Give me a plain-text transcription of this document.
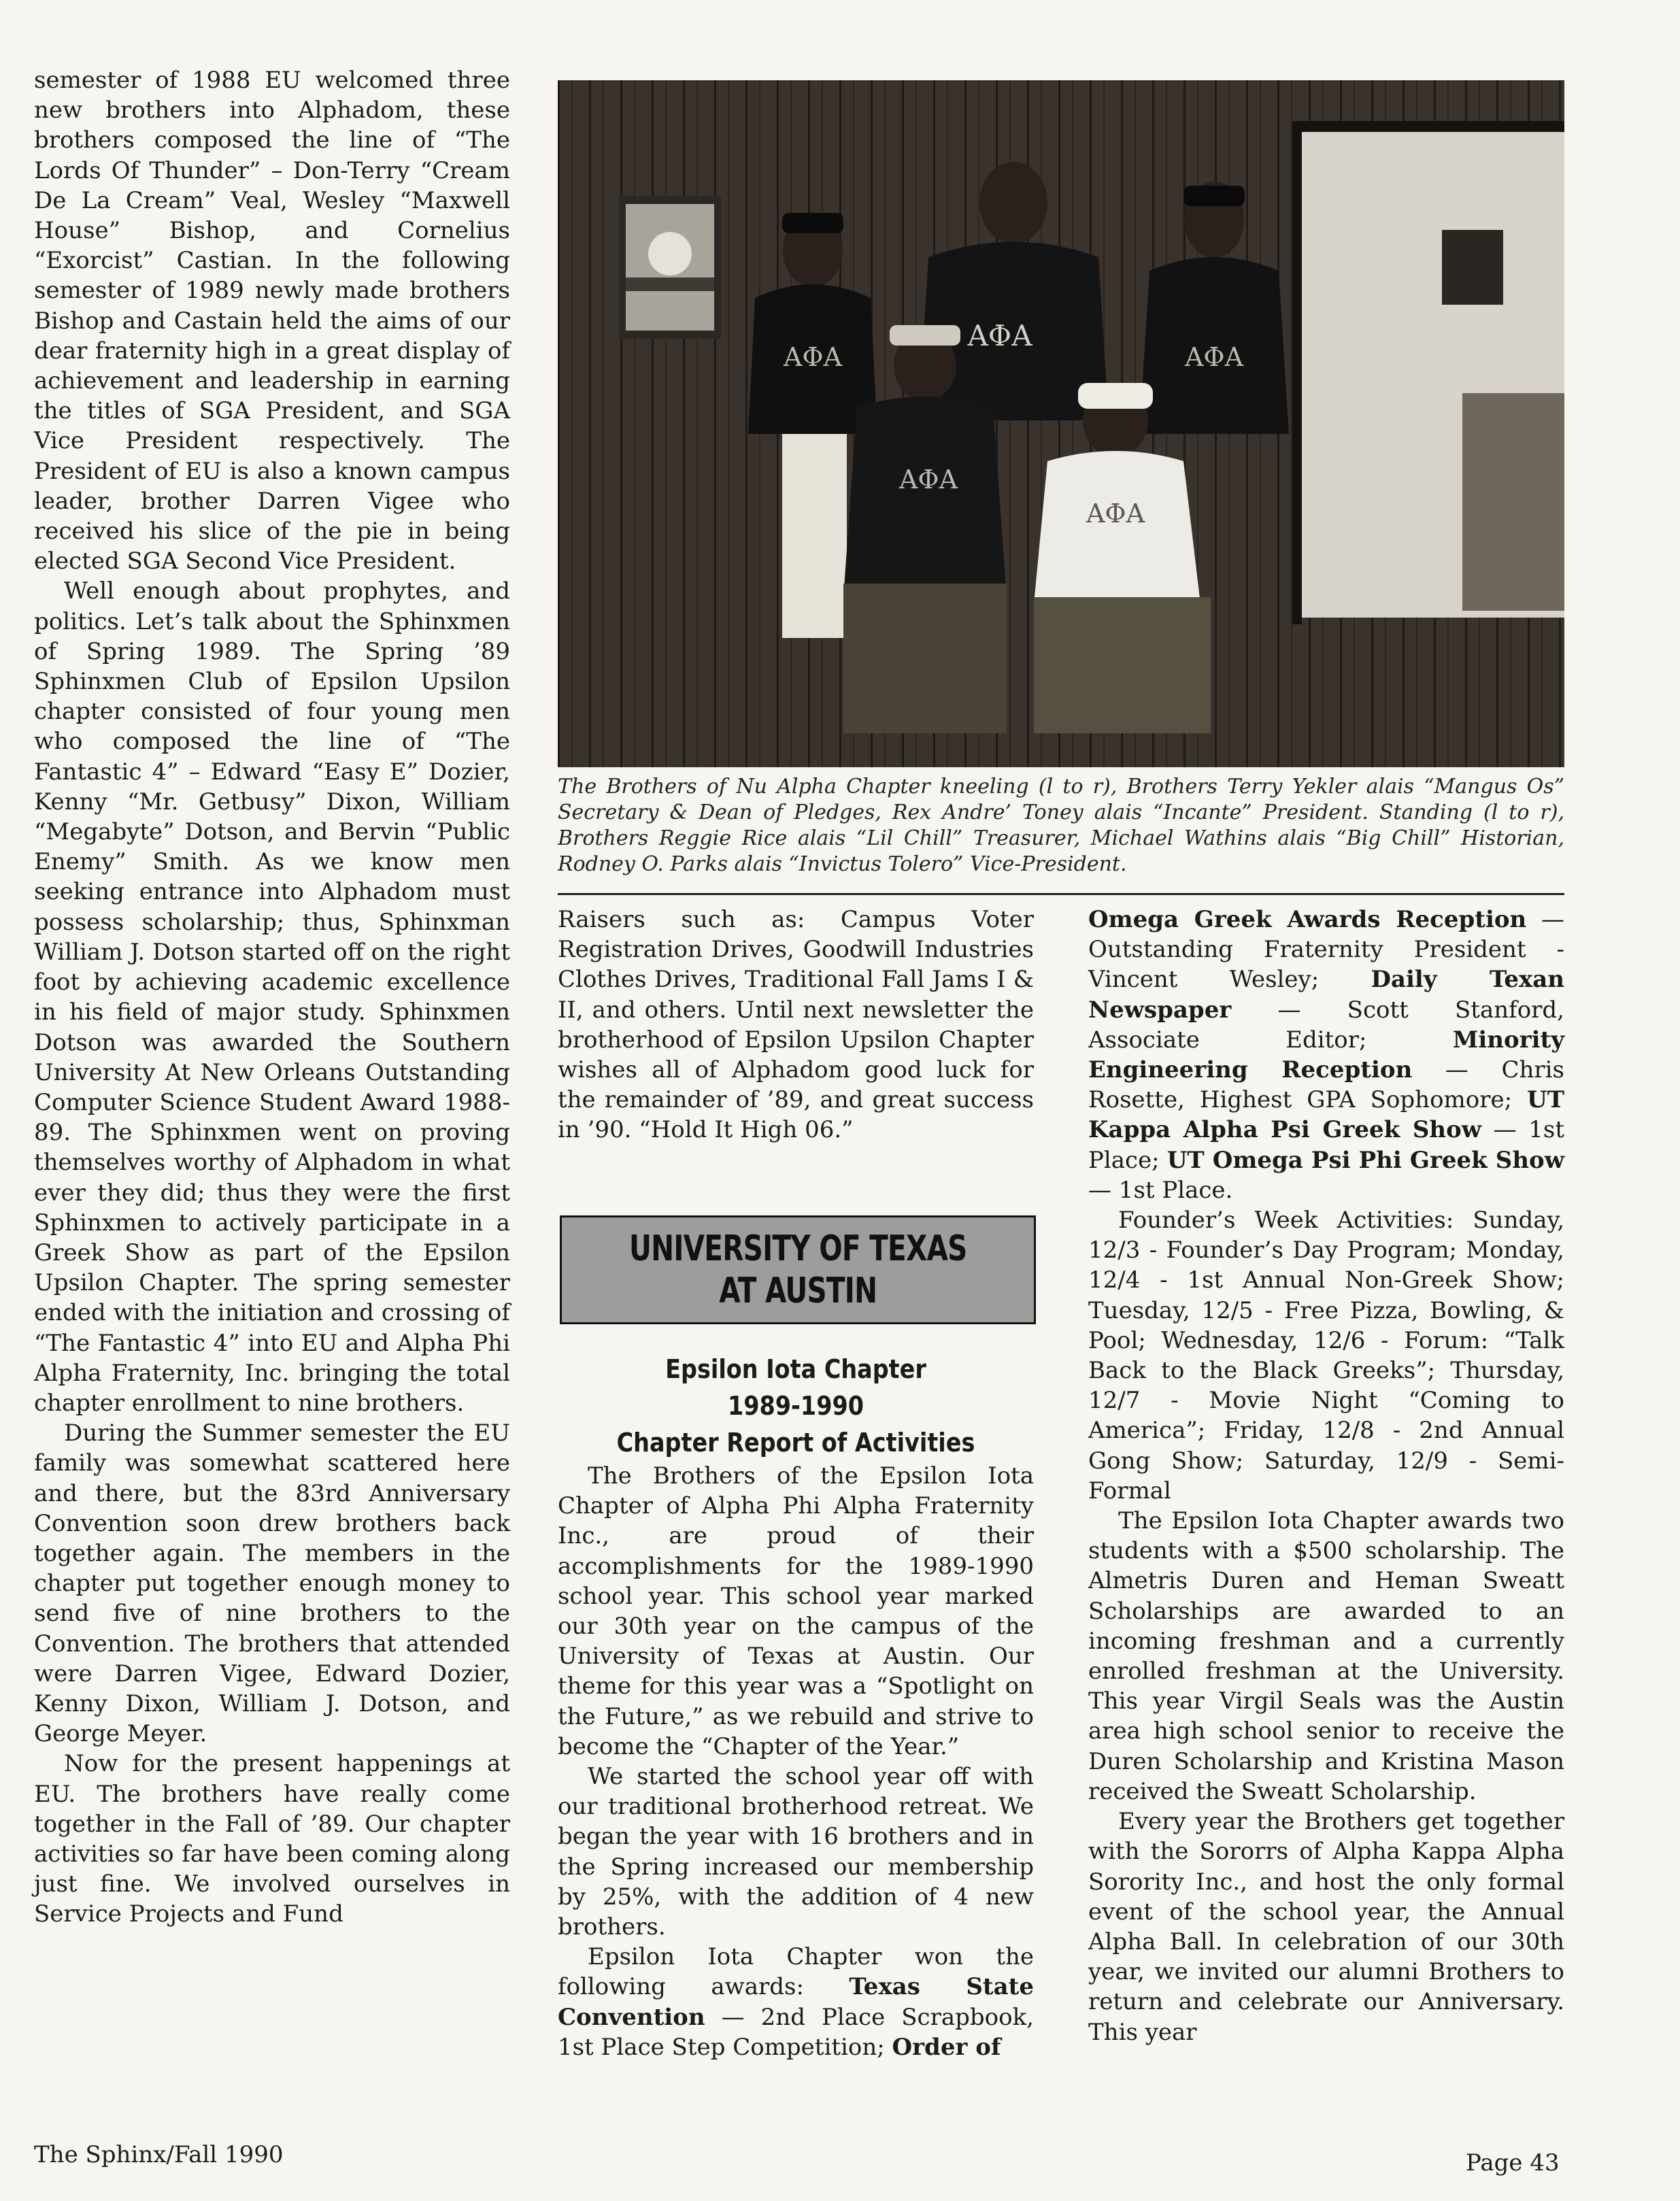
semester of 1988 EU welcomed three new brothers into Alphadom, these brothers composed the line of “The Lords Of Thunder” – Don-Terry “Cream De La Cream” Veal, Wesley “Maxwell House” Bishop, and Cornelius “Exorcist” Castian. In the following semester of 1989 newly made brothers Bishop and Castain held the aims of our dear fraternity high in a great display of achievement and leadership in earning the titles of SGA President, and SGA Vice President respectively. The President of EU is also a known campus leader, brother Darren Vigee who received his slice of the pie in being elected SGA Second Vice President.

Well enough about prophytes, and politics. Let’s talk about the Sphinxmen of Spring 1989. The Spring ’89 Sphinxmen Club of Epsilon Upsilon chapter consisted of four young men who composed the line of “The Fantastic 4” – Edward “Easy E” Dozier, Kenny “Mr. Getbusy” Dixon, William “Megabyte” Dotson, and Bervin “Public Enemy” Smith. As we know men seeking entrance into Alphadom must possess scholarship; thus, Sphinxman William J. Dotson started off on the right foot by achieving academic excellence in his field of major study. Sphinxmen Dotson was awarded the Southern University At New Orleans Outstanding Computer Science Student Award 1988-89. The Sphinxmen went on proving themselves worthy of Alphadom in what ever they did; thus they were the first Sphinxmen to actively participate in a Greek Show as part of the Epsilon Upsilon Chapter. The spring semester ended with the initiation and crossing of “The Fantastic 4” into EU and Alpha Phi Alpha Fraternity, Inc. bringing the total chapter enrollment to nine brothers.

During the Summer semester the EU family was somewhat scattered here and there, but the 83rd Anniversary Convention soon drew brothers back together again. The members in the chapter put together enough money to send five of nine brothers to the Convention. The brothers that attended were Darren Vigee, Edward Dozier, Kenny Dixon, William J. Dotson, and George Meyer.

Now for the present happenings at EU. The brothers have really come together in the Fall of ’89. Our chapter activities so far have been coming along just fine. We involved ourselves in Service Projects and Fund

ΑΦΑ
ΑΦΑ	ΑΦΑ
ΑΦΑ
ΑΦΑ
The Brothers of Nu Alpha Chapter kneeling (l to r), Brothers Terry Yekler alais “Mangus Os” Secretary & Dean of Pledges, Rex Andre’ Toney alais “Incante” President. Standing (l to r), Brothers Reggie Rice alais “Lil Chill” Treasurer, Michael Wathins alais “Big Chill” Historian, Rodney O. Parks alais “Invictus Tolero” Vice-President.

Raisers such as: Campus Voter Registration Drives, Goodwill Industries Clothes Drives, Traditional Fall Jams I & II, and others. Until next newsletter the brotherhood of Epsilon Upsilon Chapter wishes all of Alphadom good luck for the remainder of ’89, and great success in ’90. “Hold It High 06.”

UNIVERSITY OF TEXAS
AT AUSTIN
Epsilon Iota Chapter
1989-1990
Chapter Report of Activities

The Brothers of the Epsilon Iota Chapter of Alpha Phi Alpha Fraternity Inc., are proud of their accomplishments for the 1989-1990 school year. This school year marked our 30th year on the campus of the University of Texas at Austin. Our theme for this year was a “Spotlight on the Future,” as we rebuild and strive to become the “Chapter of the Year.”

We started the school year off with our traditional brotherhood retreat. We began the year with 16 brothers and in the Spring increased our membership by 25%, with the addition of 4 new brothers.

Epsilon Iota Chapter won the following awards: Texas State Convention — 2nd Place Scrapbook, 1st Place Step Competition; Order of

Omega Greek Awards Reception — Outstanding Fraternity President - Vincent Wesley; Daily Texan Newspaper — Scott Stanford, Associate Editor; Minority Engineering Reception — Chris Rosette, Highest GPA Sophomore; UT Kappa Alpha Psi Greek Show — 1st Place; UT Omega Psi Phi Greek Show — 1st Place.

Founder’s Week Activities: Sunday, 12/3 - Founder’s Day Program; Monday, 12/4 - 1st Annual Non-Greek Show; Tuesday, 12/5 - Free Pizza, Bowling, & Pool; Wednesday, 12/6 - Forum: “Talk Back to the Black Greeks”; Thursday, 12/7 - Movie Night “Coming to America”; Friday, 12/8 - 2nd Annual Gong Show; Saturday, 12/9 - Semi-Formal

The Epsilon Iota Chapter awards two students with a $500 scholarship. The Almetris Duren and Heman Sweatt Scholarships are awarded to an incoming freshman and a currently enrolled freshman at the University. This year Virgil Seals was the Austin area high school senior to receive the Duren Scholarship and Kristina Mason received the Sweatt Scholarship.

Every year the Brothers get together with the Sororrs of Alpha Kappa Alpha Sorority Inc., and host the only formal event of the school year, the Annual Alpha Ball. In celebration of our 30th year, we invited our alumni Brothers to return and celebrate our Anniversary. This year

The Sphinx/Fall 1990	Page 43
